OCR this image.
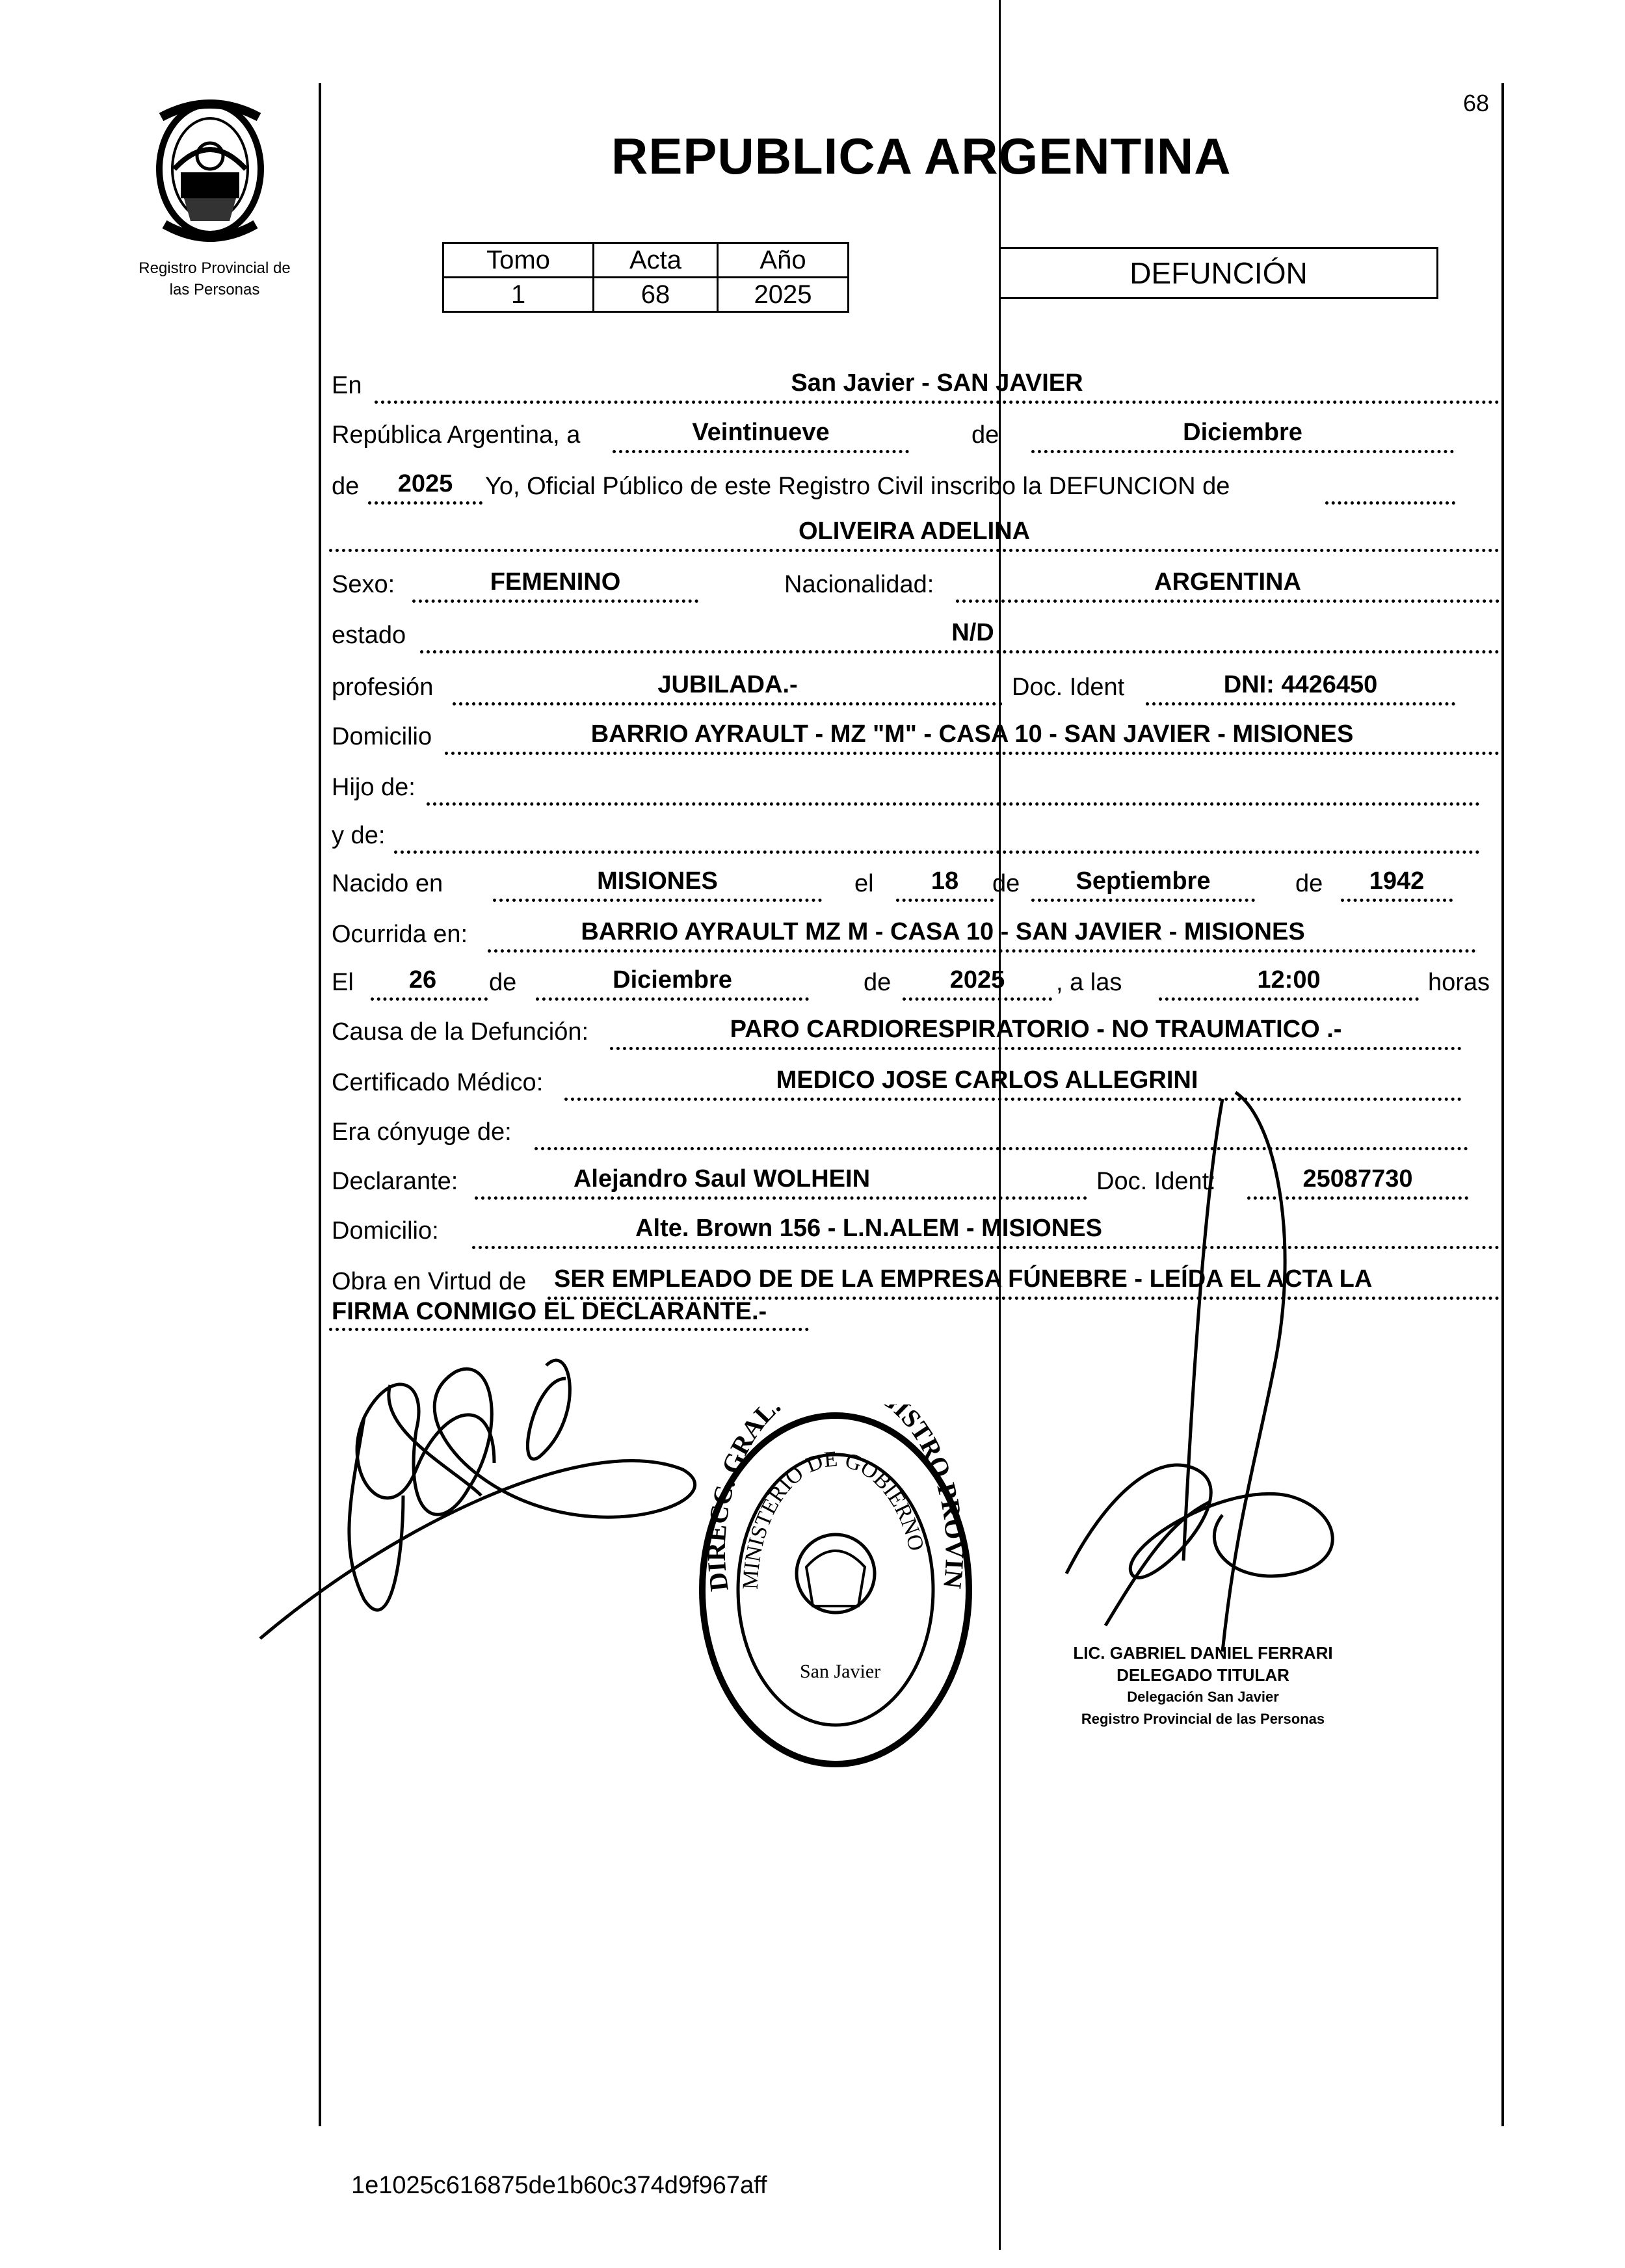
68
Registro Provincial de
las Personas
REPUBLICA ARGENTINA
Tomo	Acta	Año
1	68	2025
DEFUNCIÓN
En	San Javier - SAN JAVIER
República Argentina, a	Veintinueve	de	Diciembre
de	2025	Yo, Oficial Público de este Registro Civil inscribo la DEFUNCION de
OLIVEIRA ADELINA
Sexo:	FEMENINO	Nacionalidad:	ARGENTINA
estado	N/D
profesión	JUBILADA.-	Doc. Ident	DNI: 4426450
Domicilio	BARRIO AYRAULT - MZ "M" - CASA 10 - SAN JAVIER - MISIONES
Hijo de:
y de:
Nacido en	MISIONES	el	18	de	Septiembre	de	1942
Ocurrida en:	BARRIO AYRAULT MZ M - CASA 10 - SAN JAVIER - MISIONES
El	26	de	Diciembre	de	2025	, a las	12:00	horas
Causa de la Defunción:	PARO CARDIORESPIRATORIO - NO TRAUMATICO .-
Certificado Médico:	MEDICO JOSE CARLOS ALLEGRINI
Era cónyuge de:
Declarante:	Alejandro Saul WOLHEIN	Doc. Ident:	25087730
Domicilio:	Alte. Brown 156 - L.N.ALEM - MISIONES
Obra en Virtud de SER EMPLEADO DE DE LA EMPRESA FÚNEBRE - LEÍDA EL ACTA LA
FIRMA CONMIGO EL DECLARANTE.-
DIRECC. GRAL ISTRO PROVIN
MINISTERIO DE GOBIERNO
San Javier
LIC. GABRIEL DANIEL FERRARI
DELEGADO TITULAR
Delegación San Javier
Registro Provincial de las Personas
1e1025c616875de1b60c374d9f967aff
